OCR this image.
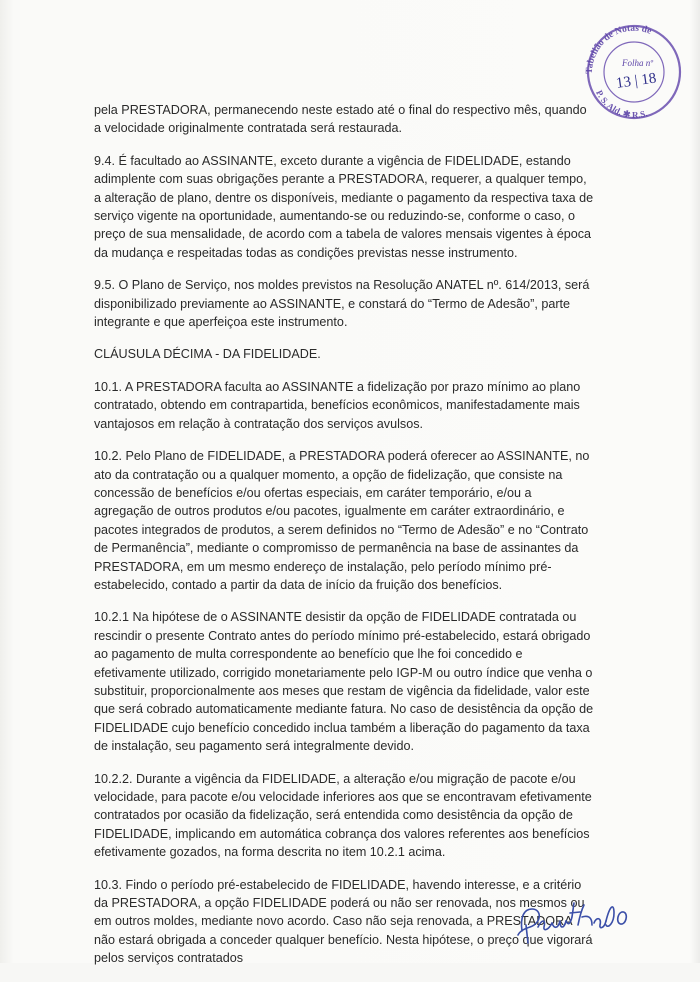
Tabelião de Notas de
P. S. Ald. ✱ R.S.
Folha nº
13 | 18

pela PRESTADORA, permanecendo neste estado até o final do respectivo mês, quando a velocidade originalmente contratada será restaurada.

9.4. É facultado ao ASSINANTE, exceto durante a vigência de FIDELIDADE, estando adimplente com suas obrigações perante a PRESTADORA, requerer, a qualquer tempo, a alteração de plano, dentre os disponíveis, mediante o pagamento da respectiva taxa de serviço vigente na oportunidade, aumentando-se ou reduzindo-se, conforme o caso, o preço de sua mensalidade, de acordo com a tabela de valores mensais vigentes à época da mudança e respeitadas todas as condições previstas nesse instrumento.

9.5. O Plano de Serviço, nos moldes previstos na Resolução ANATEL nº. 614/2013, será disponibilizado previamente ao ASSINANTE, e constará do “Termo de Adesão”, parte integrante e que aperfeiçoa este instrumento.

CLÁUSULA DÉCIMA - DA FIDELIDADE.

10.1. A PRESTADORA faculta ao ASSINANTE a fidelização por prazo mínimo ao plano contratado, obtendo em contrapartida, benefícios econômicos, manifestadamente mais vantajosos em relação à contratação dos serviços avulsos.

10.2. Pelo Plano de FIDELIDADE, a PRESTADORA poderá oferecer ao ASSINANTE, no ato da contratação ou a qualquer momento, a opção de fidelização, que consiste na concessão de benefícios e/ou ofertas especiais, em caráter temporário, e/ou a agregação de outros produtos e/ou pacotes, igualmente em caráter extraordinário, e pacotes integrados de produtos, a serem definidos no “Termo de Adesão” e no “Contrato de Permanência”, mediante o compromisso de permanência na base de assinantes da PRESTADORA, em um mesmo endereço de instalação, pelo período mínimo pré-estabelecido, contado a partir da data de início da fruição dos benefícios.

10.2.1 Na hipótese de o ASSINANTE desistir da opção de FIDELIDADE contratada ou rescindir o presente Contrato antes do período mínimo pré-estabelecido, estará obrigado ao pagamento de multa correspondente ao benefício que lhe foi concedido e efetivamente utilizado, corrigido monetariamente pelo IGP-M ou outro índice que venha o substituir, proporcionalmente aos meses que restam de vigência da fidelidade, valor este que será cobrado automaticamente mediante fatura. No caso de desistência da opção de FIDELIDADE cujo benefício concedido inclua também a liberação do pagamento da taxa de instalação, seu pagamento será integralmente devido.

10.2.2. Durante a vigência da FIDELIDADE, a alteração e/ou migração de pacote e/ou velocidade, para pacote e/ou velocidade inferiores aos que se encontravam efetivamente contratados por ocasião da fidelização, será entendida como desistência da opção de FIDELIDADE, implicando em automática cobrança dos valores referentes aos benefícios efetivamente gozados, na forma descrita no item 10.2.1 acima.

10.3. Findo o período pré-estabelecido de FIDELIDADE, havendo interesse, e a critério da PRESTADORA, a opção FIDELIDADE poderá ou não ser renovada, nos mesmos ou em outros moldes, mediante novo acordo. Caso não seja renovada, a PRESTADORA não estará obrigada a conceder qualquer benefício. Nesta hipótese, o preço que vigorará pelos serviços contratados
